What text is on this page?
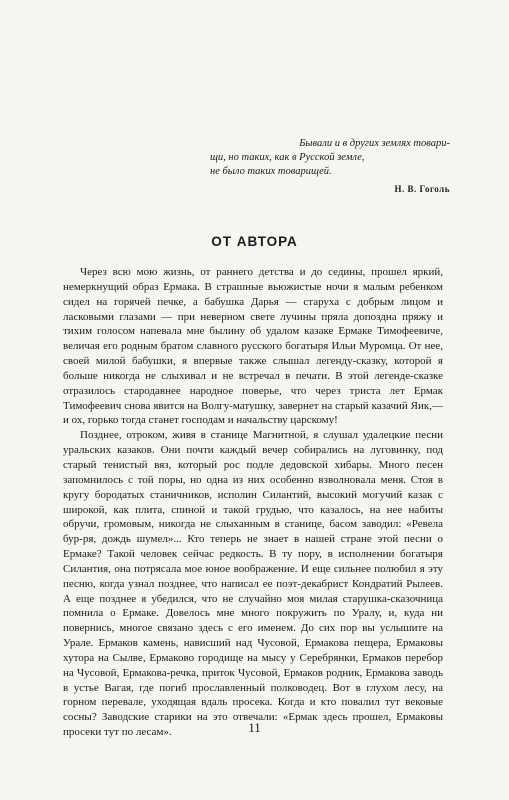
Бывали и в других землях товари-
щи, но таких, как в Русской земле,
не было таких товарищей.
Н. В. Гоголь
ОТ АВТОРА

Через всю мою жизнь, от раннего детства и до седины, прошел яркий, немеркнущий образ Ермака. В страшные вьюжистые ночи я малым ребенком сидел на горячей печке, а бабушка Дарья — старуха с добрым лицом и ласковыми глазами — при неверном свете лучины пряла допоздна пряжу и тихим голосом напевала мне былину об удалом казаке Ермаке Тимофеевиче, величая его родным братом славного русского богатыря Ильи Муромца. От нее, своей милой бабушки, я впервые также слышал легенду-сказку, которой я больше никогда не слыхивал и не встречал в печати. В этой легенде-сказке отразилось стародавнее народное поверье, что через триста лет Ермак Тимофеевич снова явится на Волгу-матушку, завернет на старый казачий Яик,— и ох, горько тогда станет господам и начальству царскому!

Позднее, отроком, живя в станице Магнитной, я слушал удалецкие песни уральских казаков. Они почти каждый вечер собирались на луговинку, под старый тенистый вяз, который рос подле дедовской хибары. Много песен запомнилось с той поры, но одна из них особенно взволновала меня. Стоя в кругу бородатых станичников, исполин Силантий, высокий могучий казак с широкой, как плита, спиной и такой грудью, что казалось, на нее набиты обручи, громовым, никогда не слыханным в станице, басом заводил: «Ревела бур-ря, дождь шумел»... Кто теперь не знает в нашей стране этой песни о Ермаке? Такой человек сейчас редкость. В ту пору, в исполнении богатыря Силантия, она потрясала мое юное воображение. И еще сильнее полюбил я эту песню, когда узнал позднее, что написал ее поэт-декабрист Кондратий Рылеев. А еще позднее я убедился, что не случайно моя милая старушка-сказочница помнила о Ермаке. Довелось мне много покружить по Уралу, и, куда ни повернись, многое связано здесь с его именем. До сих пор вы услышите на Урале. Ермаков камень, нависший над Чусовой, Ермакова пещера, Ермаковы хутора на Сылве, Ермаково городище на мысу у Серебрянки, Ермаков перебор на Чусовой, Ермакова-речка, приток Чусовой, Ермаков родник, Ермакова заводь в устье Вагая, где погиб прославленный полководец. Вот в глухом лесу, на горном перевале, уходящая вдаль просека. Когда и кто повалил тут вековые сосны? Заводские старики на это отвечали: «Ермак здесь прошел, Ермаковы просеки тут по лесам».	11
